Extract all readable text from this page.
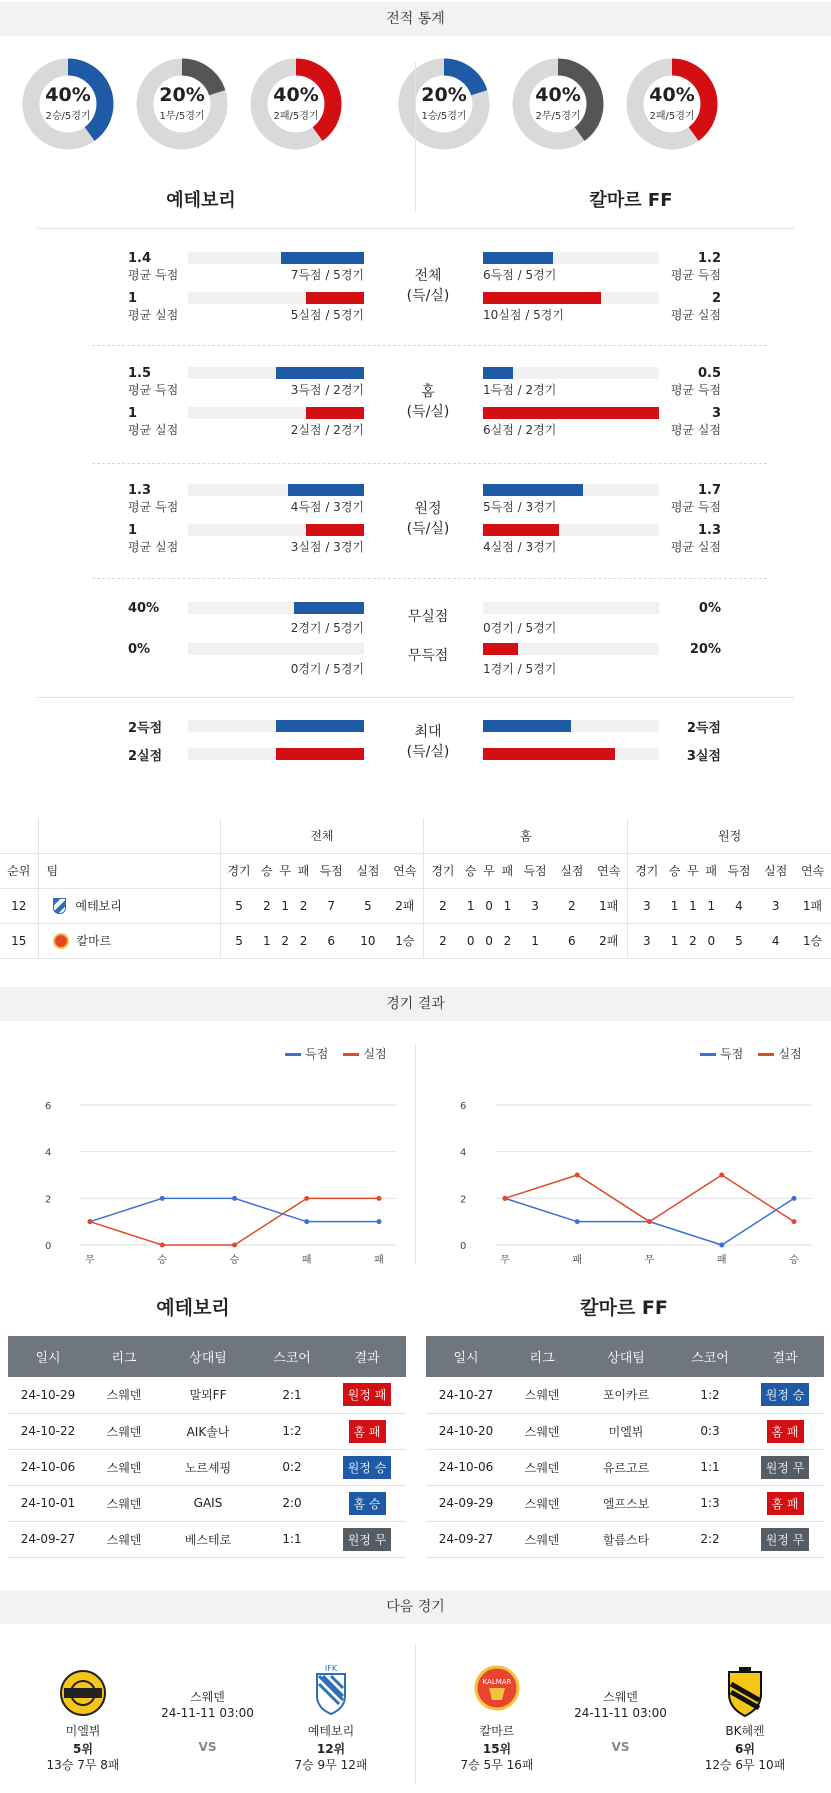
전적 통계
40%
2승/5경기
20%
1무/5경기
40%
2패/5경기
20%
1승/5경기
40%
2무/5경기
40%
2패/5경기
예테보리	칼마르 FF
1.4
평균 득점	7득점 / 5경기
1
평균 실점	5실점 / 5경기
전체
(득/실)
6득점 / 5경기
1.2
평균 득점
10실점 / 5경기
2
평균 실점
1.5
평균 득점	3득점 / 2경기
1
평균 실점	2실점 / 2경기
홈
(득/실)
1득점 / 2경기
0.5
평균 득점
6실점 / 2경기
3
평균 실점
1.3
평균 득점	4득점 / 3경기
1
평균 실점	3실점 / 3경기
원정
(득/실)
5득점 / 3경기
1.7
평균 득점
4실점 / 3경기
1.3
평균 실점
40%
2경기 / 5경기
0%
0경기 / 5경기
무실점
무득점
0경기 / 5경기
0%
1경기 / 5경기
20%
2득점
2실점
최대
(득/실)
2득점
3실점
		전체							홈							원정						
순위	팀	경기	승	무	패	득점	실점	연속	경기	승	무	패	득점	실점	연속	경기	승	무	패	득점	실점	연속
12	예테보리	5	2	1	2	7	5	2패	2	1	0	1	3	2	1패	3	1	1	1	4	3	1패
15	칼마르	5	1	2	2	6	10	1승	2	0	0	2	1	6	2패	3	1	2	0	5	4	1승
경기 결과
득점	실점	득점	실점
0
2
4
6
무	승	승	패	패
0
2
4
6
무	패	무	패	승
예테보리	칼마르 FF
일시	리그	상대팀	스코어	결과
24-10-29	스웨덴	말뫼FF	2:1	원정 패
24-10-22	스웨덴	AIK솔나	1:2	홈 패
24-10-06	스웨덴	노르셰핑	0:2	원정 승
24-10-01	스웨덴	GAIS	2:0	홈 승
24-09-27	스웨덴	베스테로	1:1	원정 무
일시	리그	상대팀	스코어	결과
24-10-27	스웨덴	포이카르	1:2	원정 승
24-10-20	스웨덴	미엘뷔	0:3	홈 패
24-10-06	스웨덴	유르고르	1:1	원정 무
24-09-29	스웨덴	엘프스보	1:3	홈 패
24-09-27	스웨덴	할름스타	2:2	원정 무
다음 경기
미엘뷔
5위
13승 7무 8패
스웨덴
24-11-11 03:00
VS
IFK
예테보리
12위
7승 9무 12패
KALMAR
칼마르
15위
7승 5무 16패
스웨덴
24-11-11 03:00
VS
BK헤켄
6위
12승 6무 10패
